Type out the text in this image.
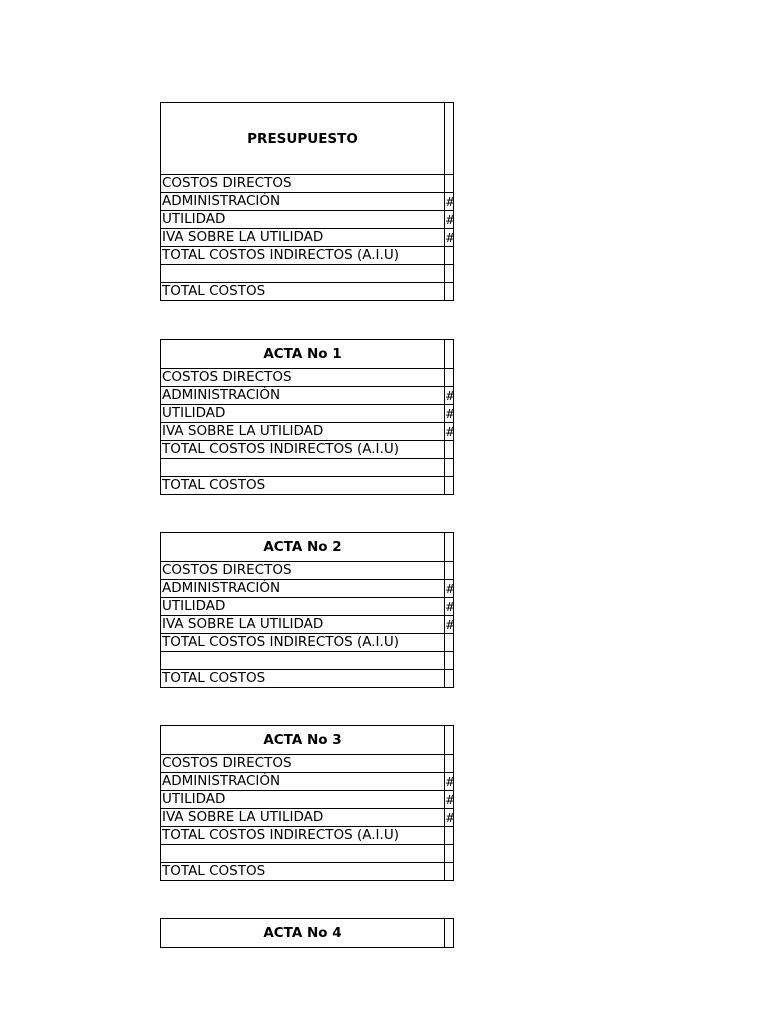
PRESUPUESTO	
COSTOS DIRECTOS	
ADMINISTRACIÓN	#
UTILIDAD	#
IVA SOBRE LA UTILIDAD	#
TOTAL COSTOS INDIRECTOS (A.I.U)	

TOTAL COSTOS	
ACTA No 1	
COSTOS DIRECTOS	
ADMINISTRACIÓN	#
UTILIDAD	#
IVA SOBRE LA UTILIDAD	#
TOTAL COSTOS INDIRECTOS (A.I.U)	

TOTAL COSTOS	
ACTA No 2	
COSTOS DIRECTOS	
ADMINISTRACIÓN	#
UTILIDAD	#
IVA SOBRE LA UTILIDAD	#
TOTAL COSTOS INDIRECTOS (A.I.U)	

TOTAL COSTOS	
ACTA No 3	
COSTOS DIRECTOS	
ADMINISTRACIÓN	#
UTILIDAD	#
IVA SOBRE LA UTILIDAD	#
TOTAL COSTOS INDIRECTOS (A.I.U)	

TOTAL COSTOS	
ACTA No 4	
